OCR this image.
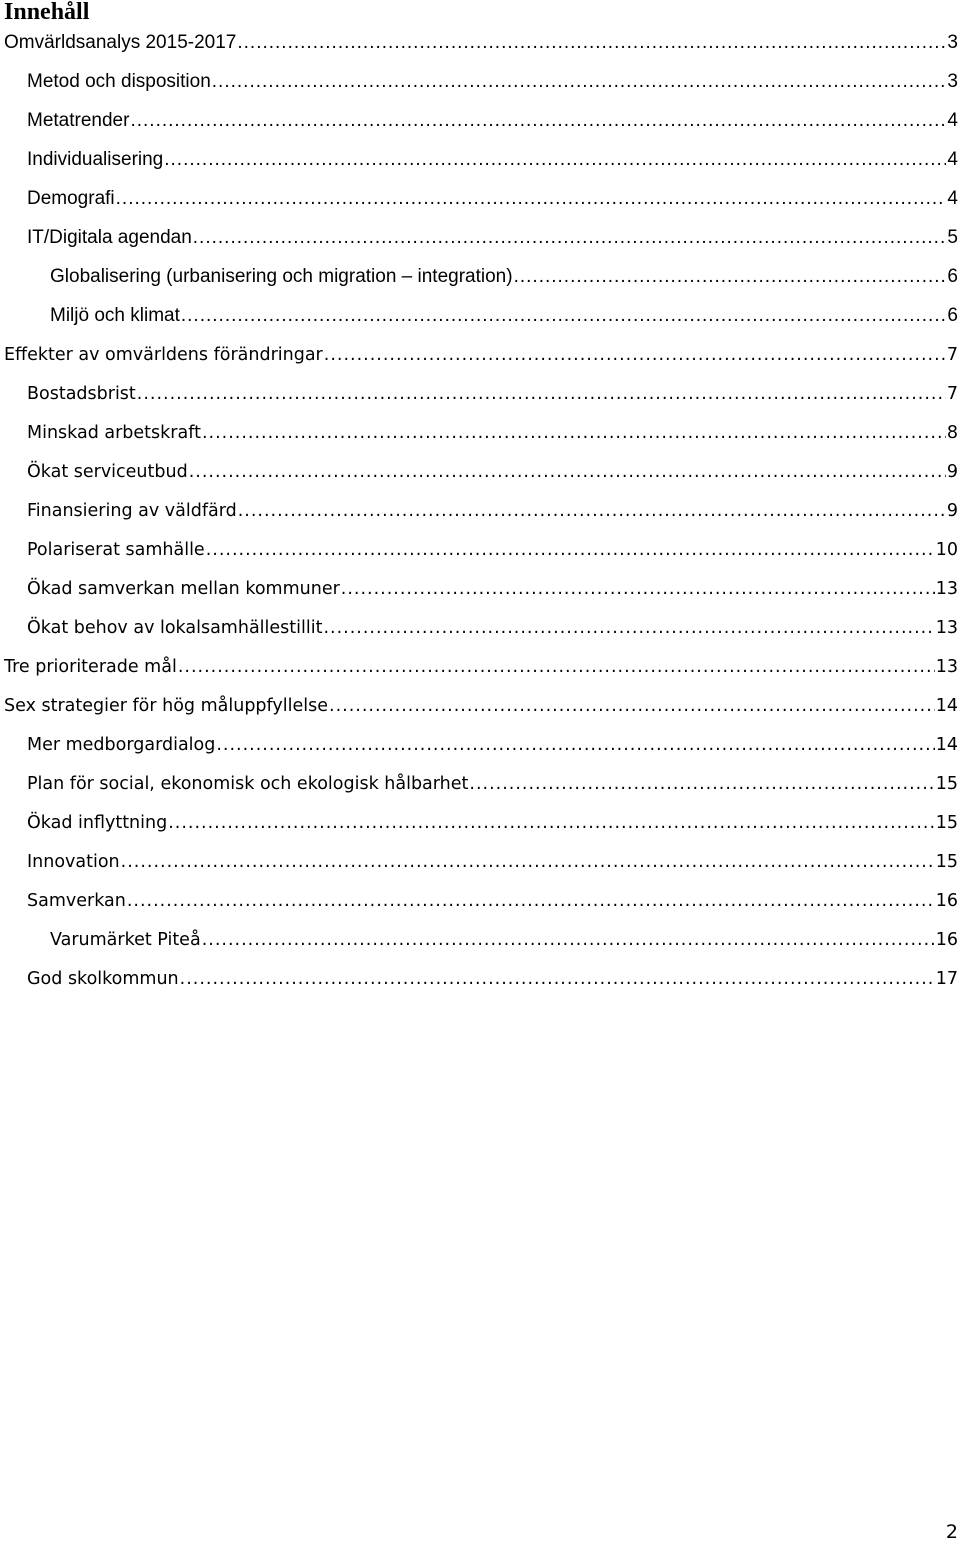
Innehåll
Omvärldsanalys 2015-2017 .....	3
Metod och disposition .....	3
Metatrender .....	4
Individualisering .....	4
Demografi .....	4
IT/Digitala agendan .....	5
Globalisering (urbanisering och migration – integration) .....	6
Miljö och klimat .....	6
Effekter av omvärldens förändringar .....	7
Bostadsbrist .....	7
Minskad arbetskraft .....	8
Ökat serviceutbud .....	9
Finansiering av väldfärd .....	9
Polariserat samhälle .....	10
Ökad samverkan mellan kommuner .....	13
Ökat behov av lokalsamhällestillit .....	13
Tre prioriterade mål .....	13
Sex strategier för hög måluppfyllelse .....	14
Mer medborgardialog .....	14
Plan för social, ekonomisk och ekologisk hålbarhet .....	15
Ökad inflyttning .....	15
Innovation .....	15
Samverkan .....	16
Varumärket Piteå .....	16
God skolkommun .....	17
2
